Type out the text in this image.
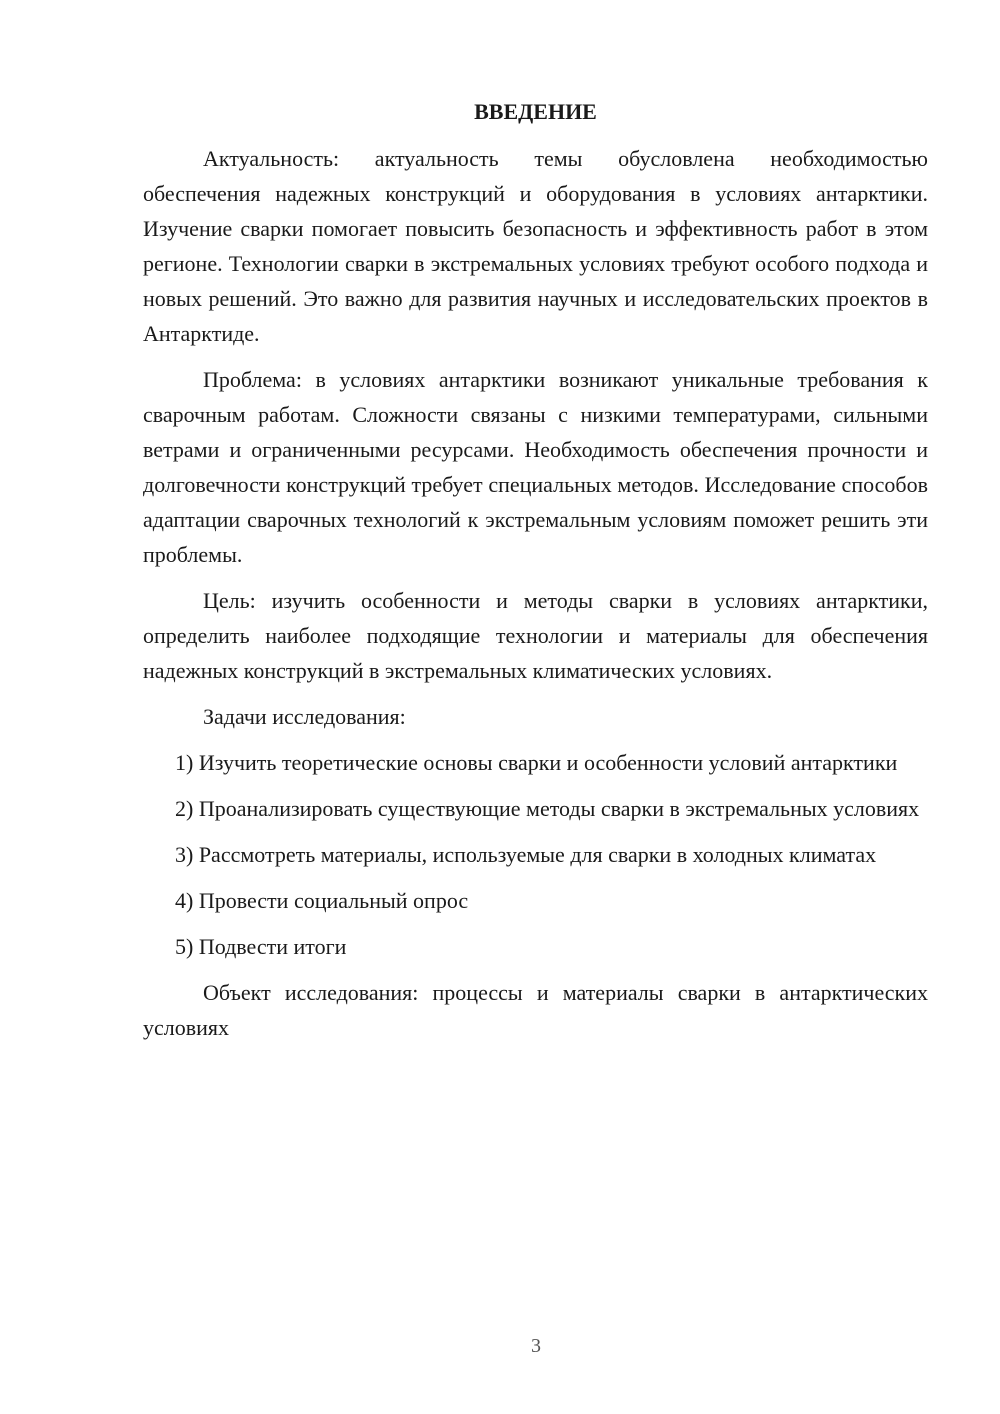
ВВЕДЕНИЕ

Актуальность: актуальность темы обусловлена необходимостью обеспечения надежных конструкций и оборудования в условиях антарктики. Изучение сварки помогает повысить безопасность и эффективность работ в этом регионе. Технологии сварки в экстремальных условиях требуют особого подхода и новых решений. Это важно для развития научных и исследовательских проектов в Антарктиде.

Проблема: в условиях антарктики возникают уникальные требования к сварочным работам. Сложности связаны с низкими температурами, сильными ветрами и ограниченными ресурсами. Необходимость обеспечения прочности и долговечности конструкций требует специальных методов. Исследование способов адаптации сварочных технологий к экстремальным условиям поможет решить эти проблемы.

Цель: изучить особенности и методы сварки в условиях антарктики, определить наиболее подходящие технологии и материалы для обеспечения надежных конструкций в экстремальных климатических условиях.

Задачи исследования:

1) Изучить теоретические основы сварки и особенности условий антарктики

2) Проанализировать существующие методы сварки в экстремальных условиях

3) Рассмотреть материалы, используемые для сварки в холодных климатах

4) Провести социальный опрос

5) Подвести итоги

Объект исследования: процессы и материалы сварки в антарктических условиях

3
